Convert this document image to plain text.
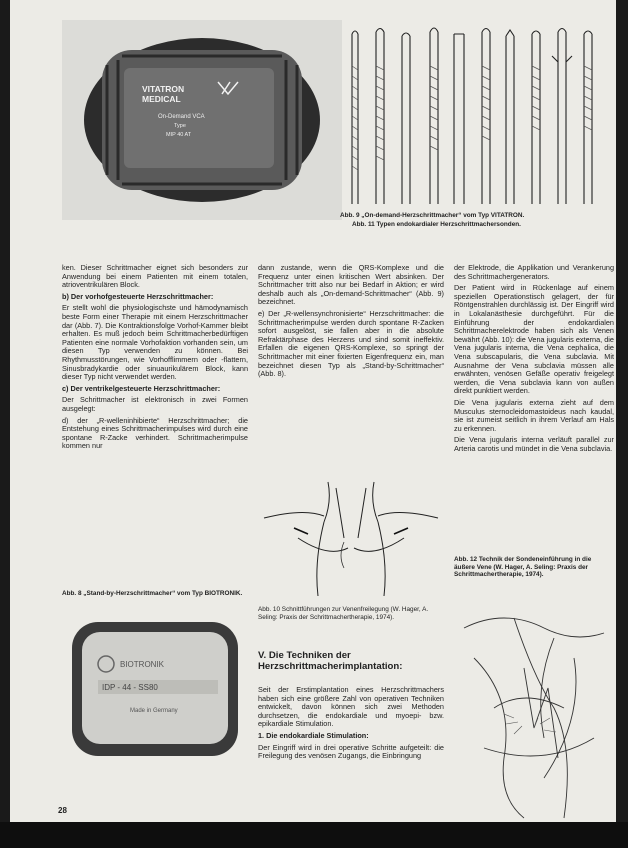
VITATRON
MEDICAL
On-Demand VCA
Type
MIP 40 AT

Abb. 9 „On-demand-Herzschrittmacher“ vom Typ VITATRON.

Abb. 11 Typen endokardialer Herzschrittmachersonden.

ken. Dieser Schrittmacher eignet sich besonders zur Anwendung bei einem Patienten mit einem totalen, atrioventrikulären Block.

b) Der vorhofgesteuerte Herzschrittmacher:

Er stellt wohl die physiologischste und hämodynamisch beste Form einer Therapie mit einem Herzschrittmacher dar (Abb. 7). Die Kontraktionsfolge Vorhof-Kammer bleibt erhalten. Es muß jedoch beim Schrittmacherbedürftigen Patienten eine normale Vorhofaktion vorhanden sein, um diesen Typ verwenden zu können. Bei Rhythmusstörungen, wie Vorhofflimmern oder -flattern, Sinusbradykardie oder sinuaurikulärem Block, kann dieser Typ nicht verwendet werden.

c) Der ventrikelgesteuerte Herzschrittmacher:

Der Schrittmacher ist elektronisch in zwei Formen ausgelegt:

d) der „R-welleninhibierte“ Herzschrittmacher; die Entstehung eines Schrittmacherimpulses wird durch eine spontane R-Zacke verhindert. Schrittmacherimpulse kommen nur

Abb. 8 „Stand-by-Herzschrittmacher“ vom Typ BIOTRONIK.

BIOTRONIK
IDP - 44 - SS80
Made in Germany

dann zustande, wenn die QRS-Komplexe und die Frequenz unter einen kritischen Wert absinken. Der Schrittmacher tritt also nur bei Bedarf in Aktion; er wird deshalb auch als „On-demand-Schrittmacher“ (Abb. 9) bezeichnet.

e) Der „R-wellensynchronisierte“ Herzschrittmacher: die Schrittmacherimpulse werden durch spontane R-Zacken sofort ausgelöst, sie fallen aber in die absolute Refraktärphase des Herzens und sind somit ineffektiv. Erfallen die eigenen QRS-Komplexe, so springt der Schrittmacher mit einer fixierten Eigenfrequenz ein, man bezeichnet diesen Typ als „Stand-by-Schrittmacher“ (Abb. 8).

Abb. 10 Schnittführungen zur Venenfreilegung (W. Hager, A. Seling: Praxis der Schrittmachertherapie, 1974).

V. Die Techniken der Herzschrittmacherimplantation:

Seit der Erstimplantation eines Herzschrittmachers haben sich eine größere Zahl von operativen Techniken entwickelt, davon können sich zwei Methoden durchsetzen, die endokardiale und myoepi- bzw. epikardiale Stimulation.

1. Die endokardiale Stimulation:

Der Eingriff wird in drei operative Schritte aufgeteilt: die Freilegung des venösen Zugangs, die Einbringung

der Elektrode, die Applikation und Verankerung des Schrittmachergenerators.

Der Patient wird in Rückenlage auf einem speziellen Operationstisch gelagert, der für Röntgenstrahlen durchlässig ist. Der Eingriff wird in Lokalanästhesie durchgeführt. Für die Einführung der endokardialen Schrittmacherelektrode haben sich als Venen bewährt (Abb. 10): die Vena jugularis externa, die Vena jugularis interna, die Vena cephalica, die Vena subscapularis, die Vena subclavia. Mit Ausnahme der Vena subclavia müssen alle erwähnten, venösen Gefäße operativ freigelegt werden, die Vena subclavia kann von außen direkt punktiert werden.

Die Vena jugularis externa zieht auf dem Musculus sternocleidomastoideus nach kaudal, sie ist zumeist seitlich in ihrem Verlauf am Hals zu erkennen.

Die Vena jugularis interna verläuft parallel zur Arteria carotis und mündet in die Vena subclavia.

Abb. 12 Technik der Sondeneinführung in die äußere Vene (W. Hager, A. Seling: Praxis der Schrittmachertherapie, 1974).

28
